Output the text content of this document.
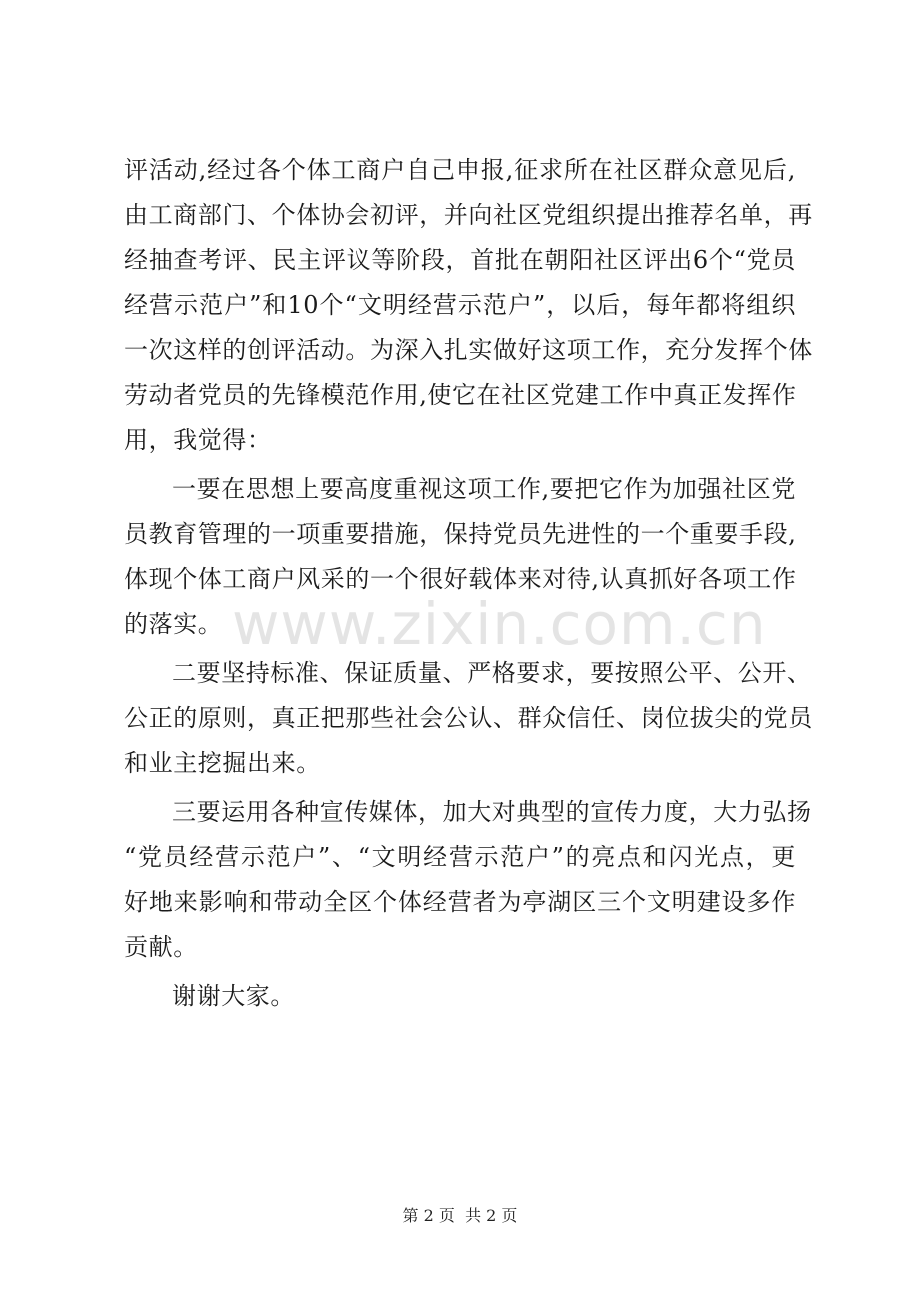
评活动,经过各个体工商户自己申报,征求所在社区群众意见后,
由工商部门、个体协会初评，并向社区党组织提出推荐名单，再
经抽查考评、民主评议等阶段，首批在朝阳社区评出6个“党员
经营示范户”和10个“文明经营示范户”，以后，每年都将组织
一次这样的创评活动。为深入扎实做好这项工作，充分发挥个体
劳动者党员的先锋模范作用,使它在社区党建工作中真正发挥作
用，我觉得：
一要在思想上要高度重视这项工作,要把它作为加强社区党
员教育管理的一项重要措施，保持党员先进性的一个重要手段,
体现个体工商户风采的一个很好载体来对待,认真抓好各项工作
的落实。
二要坚持标准、保证质量、严格要求，要按照公平、公开、
公正的原则，真正把那些社会公认、群众信任、岗位拔尖的党员
和业主挖掘出来。
三要运用各种宣传媒体，加大对典型的宣传力度，大力弘扬
“党员经营示范户”、“文明经营示范户”的亮点和闪光点，更
好地来影响和带动全区个体经营者为亭湖区三个文明建设多作
贡献。
谢谢大家。
www.zixin.com.cn
第 2 页  共 2 页
